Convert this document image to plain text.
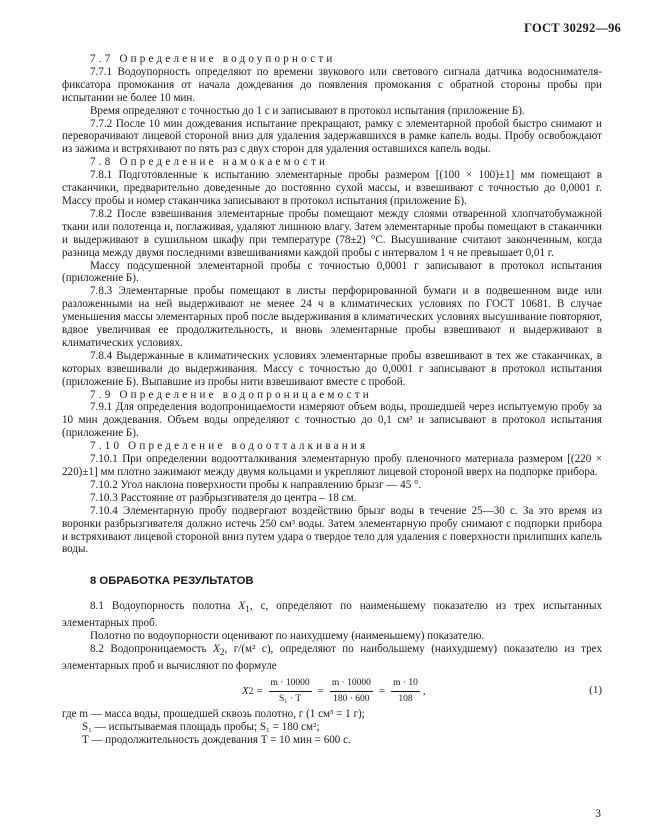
ГОСТ 30292—96

7.7 Определение водоупорности

7.7.1 Водоупорность определяют по времени звукового или светового сигнала датчика водоснимателя-фиксатора промокания от начала дождевания до появления промокания с обратной стороны пробы при испытании не более 10 мин.

Время определяют с точностью до 1 с и записывают в протокол испытания (приложение Б).

7.7.2 После 10 мин дождевания испытание прекращают, рамку с элементарной пробой быстро снимают и переворачивают лицевой стороной вниз для удаления задержавшихся в рамке капель воды. Пробу освобождают из зажима и встряхивают по пять раз с двух сторон для удаления оставшихся капель воды.

7.8 Определение намокаемости

7.8.1 Подготовленные к испытанию элементарные пробы размером [(100 × 100)±1] мм помещают в стаканчики, предварительно доведенные до постоянно сухой массы, и взвешивают с точностью до 0,0001 г. Массу пробы и номер стаканчика записывают в протокол испытания (приложение Б).

7.8.2 После взвешивания элементарные пробы помещают между слоями отваренной хлопчатобумажной ткани или полотенца и, поглаживая, удаляют лишнюю влагу. Затем элементарные пробы помещают в стаканчики и выдерживают в сушильном шкафу при температуре (78±2) °С. Высушивание считают законченным, когда разница между двумя последними взвешиваниями каждой пробы с интервалом 1 ч не превышает 0,01 г.

Массу подсушенной элементарной пробы с точностью 0,0001 г записывают в протокол испытания (приложение Б).

7.8.3 Элементарные пробы помещают в листы перфорированной бумаги и в подвешенном виде или разложенными на ней выдерживают не менее 24 ч в климатических условиях по ГОСТ 10681. В случае уменьшения массы элементарных проб после выдерживания в климатических условиях высушивание повторяют, вдвое увеличивая ее продолжительность, и вновь элементарные пробы взвешивают и выдерживают в климатических условиях.

7.8.4 Выдержанные в климатических условиях элементарные пробы взвешивают в тех же стаканчиках, в которых взвешивали до выдерживания. Массу с точностью до 0,0001 г записывают в протокол испытания (приложение Б). Выпавшие из пробы нити взвешивают вместе с пробой.

7.9 Определение водопроницаемости

7.9.1 Для определения водопроницаемости измеряют объем воды, прошедшей через испытуемую пробу за 10 мин дождевания. Объем воды определяют с точностью до 0,1 см³ и записывают в протокол испытания (приложение Б).

7.10 Определение водоотталкивания

7.10.1 При определении водоотталкивания элементарную пробу пленочного материала размером [(220 × 220)±1] мм плотно зажимают между двумя кольцами и укрепляют лицевой стороной вверх на подпорке прибора.

7.10.2 Угол наклона поверхности пробы к направлению брызг — 45 °.

7.10.3 Расстояние от разбрызгивателя до центра – 18 см.

7.10.4 Элементарную пробу подвергают воздействию брызг воды в течение 25—30 с. За это время из воронки разбрызгивателя должно истечь 250 см³ воды. Затем элементарную пробу снимают с подпорки прибора и встряхивают лицевой стороной вниз путем удара о твердое тело для удаления с поверхности прилипших капель воды.

8 ОБРАБОТКА РЕЗУЛЬТАТОВ

8.1 Водоупорность полотна $X_1$, с, определяют по наименьшему показателю из трех испытанных элементарных проб.

Полотно по водоупорности оценивают по наихудшему (наименьшему) показателю.

8.2 Водопроницаемость $X_2$, г/(м² с), определяют по наибольшему (наихудшему) показателю из трех элементарных проб и вычисляют по формуле

X $2 = \frac{m \cdot 10000}{\text{S₁ · T}} = \frac{m \cdot 10000}{180 \cdot 600} = \frac{m \cdot 10}{108}$ ,	(1)

где m — масса воды, прошедшей сквозь полотно, г (1 см³ = 1 г);

S₁ — испытываемая площадь пробы; S₁ = 180 см²;

T — продолжительность дождевания T = 10 мин = 600 с.

3
